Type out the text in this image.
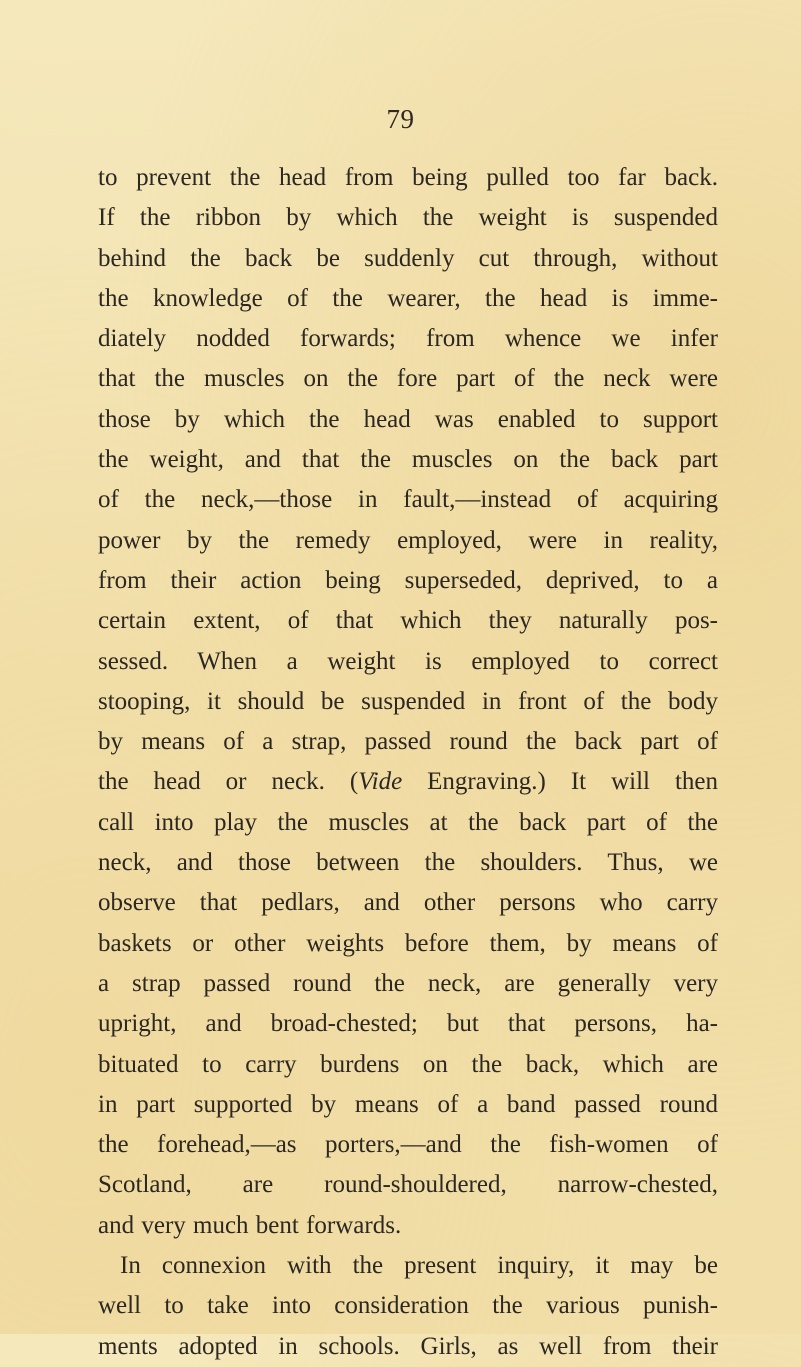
79
to prevent the head from being pulled too far back.
If the ribbon by which the weight is suspended
behind the back be suddenly cut through, without
the knowledge of the wearer, the head is imme-
diately nodded forwards; from whence we infer
that the muscles on the fore part of the neck were
those by which the head was enabled to support
the weight, and that the muscles on the back part
of the neck,—those in fault,—instead of acquiring
power by the remedy employed, were in reality,
from their action being superseded, deprived, to a
certain extent, of that which they naturally pos-
sessed. When a weight is employed to correct
stooping, it should be suspended in front of the body
by means of a strap, passed round the back part of
the head or neck. (Vide Engraving.) It will then
call into play the muscles at the back part of the
neck, and those between the shoulders. Thus, we
observe that pedlars, and other persons who carry
baskets or other weights before them, by means of
a strap passed round the neck, are generally very
upright, and broad-chested; but that persons, ha-
bituated to carry burdens on the back, which are
in part supported by means of a band passed round
the forehead,—as porters,—and the fish-women of
Scotland, are round-shouldered, narrow-chested,
and very much bent forwards.
In connexion with the present inquiry, it may be
well to take into consideration the various punish-
ments adopted in schools. Girls, as well from their
